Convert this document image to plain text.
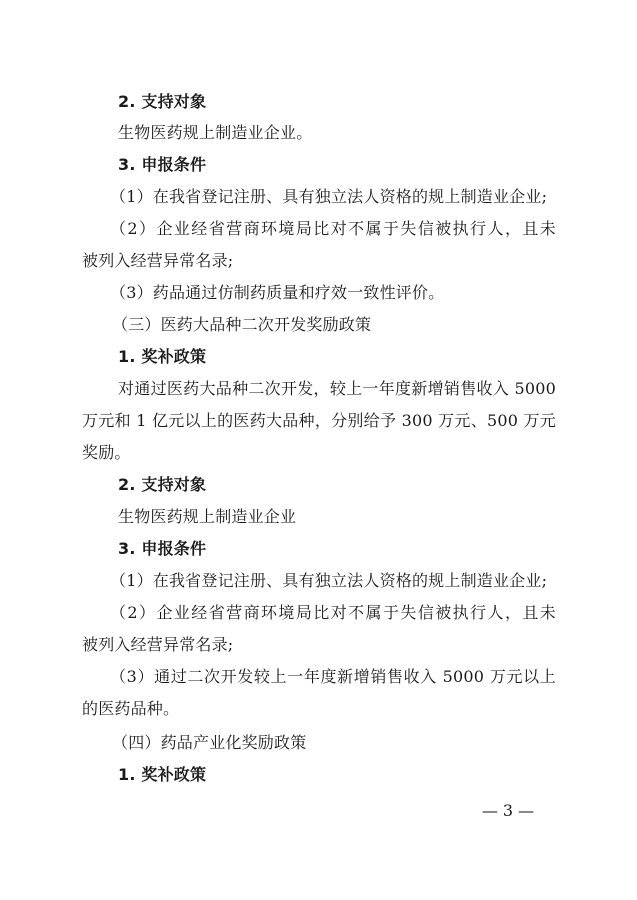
2. 支持对象
生物医药规上制造业企业。
3. 申报条件
（1）在我省登记注册、具有独立法人资格的规上制造业企业;
（2）企业经省营商环境局比对不属于失信被执行人，且未
被列入经营异常名录;
（3）药品通过仿制药质量和疗效一致性评价。
（三）医药大品种二次开发奖励政策
1. 奖补政策
对通过医药大品种二次开发，较上一年度新增销售收入 5000
万元和 1 亿元以上的医药大品种，分别给予 300 万元、500 万元
奖励。
2. 支持对象
生物医药规上制造业企业
3. 申报条件
（1）在我省登记注册、具有独立法人资格的规上制造业企业;
（2）企业经省营商环境局比对不属于失信被执行人，且未
被列入经营异常名录;
（3）通过二次开发较上一年度新增销售收入 5000 万元以上
的医药品种。
（四）药品产业化奖励政策
1. 奖补政策
— 3 —
